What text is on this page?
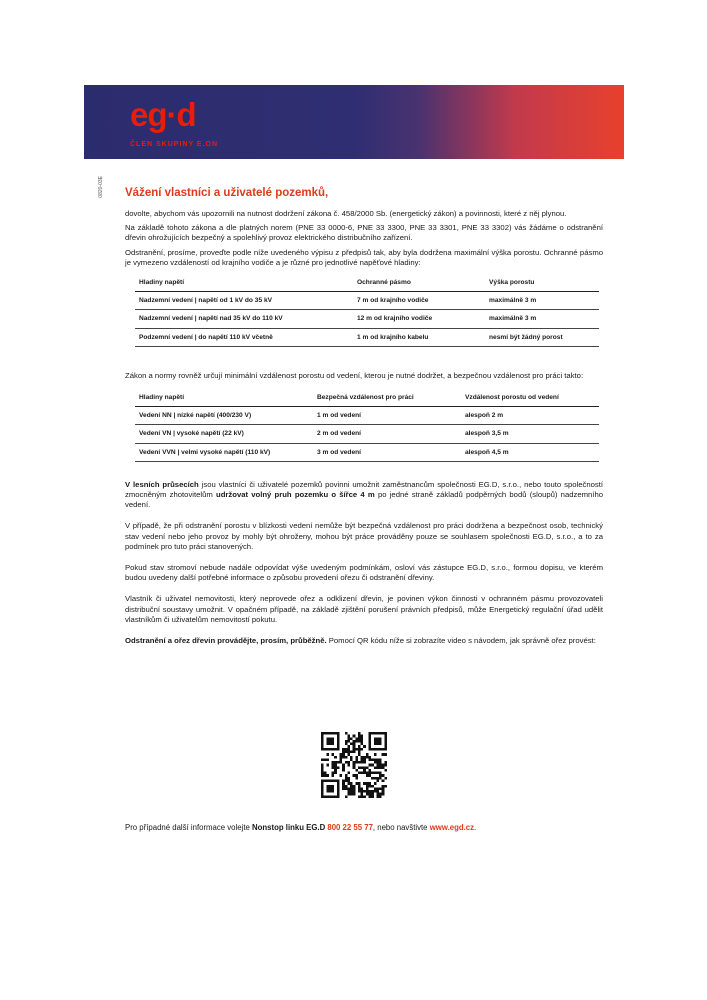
eg·d
ČLEN SKUPINY E.ON
0820-03E Vážení vlastníci a uživatelé pozemků,

dovolte, abychom vás upozornili na nutnost dodržení zákona č. 458/2000 Sb. (energetický zákon) a povinnosti, které z něj plynou.

Na základě tohoto zákona a dle platných norem (PNE 33 0000-6, PNE 33 3300, PNE 33 3301, PNE 33 3302) vás žádáme o odstranění dřevin ohrožujících bezpečný a spolehlivý provoz elektrického distribučního zařízení.

Odstranění, prosíme, proveďte podle níže uvedeného výpisu z předpisů tak, aby byla dodržena maximální výška porostu. Ochranné pásmo je vymezeno vzdáleností od krajního vodiče a je různé pro jednotlivé napěťové hladiny:

Hladiny napětí	Ochranné pásmo	Výška porostu
Nadzemní vedení | napětí od 1 kV do 35 kV	7 m od krajního vodiče	maximálně 3 m
Nadzemní vedení | napětí nad 35 kV do 110 kV	12 m od krajního vodiče	maximálně 3 m
Podzemní vedení | do napětí 110 kV včetně	1 m od krajního kabelu	nesmí být žádný porost

Zákon a normy rovněž určují minimální vzdálenost porostu od vedení, kterou je nutné dodržet, a bezpečnou vzdálenost pro práci takto:

Hladiny napětí	Bezpečná vzdálenost pro práci	Vzdálenost porostu od vedení
Vedení NN | nízké napětí (400/230 V)	1 m od vedení	alespoň 2 m
Vedení VN | vysoké napětí (22 kV)	2 m od vedení	alespoň 3,5 m
Vedení VVN | velmi vysoké napětí (110 kV)	3 m od vedení	alespoň 4,5 m

V lesních průsecích jsou vlastníci či uživatelé pozemků povinni umožnit zaměstnancům společnosti EG.D, s.r.o., nebo touto společností zmocněným zhotovitelům udržovat volný pruh pozemku o šířce 4 m po jedné straně základů podpěrných bodů (sloupů) nadzemního vedení.

V případě, že při odstranění porostu v blízkosti vedení nemůže být bezpečná vzdálenost pro práci dodržena a bezpečnost osob, technický stav vedení nebo jeho provoz by mohly být ohroženy, mohou být práce prováděny pouze se souhlasem společnosti EG.D, s.r.o., a to za podmínek pro tuto práci stanovených.

Pokud stav stromoví nebude nadále odpovídat výše uvedeným podmínkám, osloví vás zástupce EG.D, s.r.o., formou dopisu, ve kterém budou uvedeny další potřebné informace o způsobu provedení ořezu či odstranění dřeviny.

Vlastník či uživatel nemovitosti, který neprovede ořez a odklizení dřevin, je povinen výkon činnosti v ochranném pásmu provozovateli distribuční soustavy umožnit. V opačném případě, na základě zjištění porušení právních předpisů, může Energetický regulační úřad udělit vlastníkům či uživatelům nemovitostí pokutu.

Odstranění a ořez dřevin provádějte, prosím, průběžně. Pomocí QR kódu níže si zobrazíte video s návodem, jak správně ořez provést:

Pro případné další informace volejte Nonstop linku EG.D 800 22 55 77, nebo navštivte www.egd.cz.
